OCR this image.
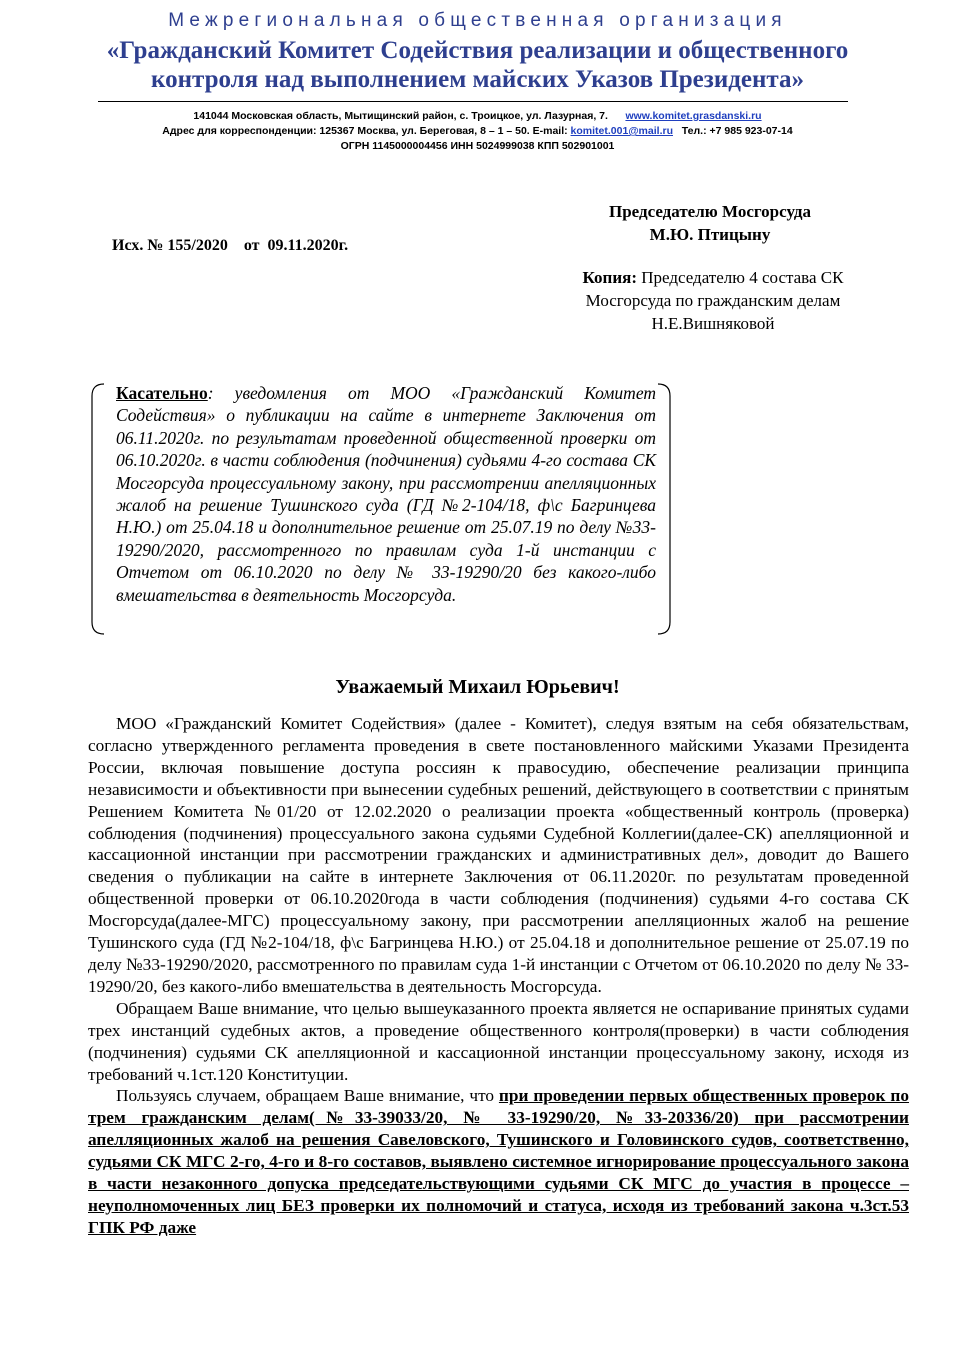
Межрегиональная общественная организация
«Гражданский Комитет Содействия реализации и общественного
контроля над выполнением майских Указов Президента»
141044 Московская область, Мытищинский район, с. Троицкое, ул. Лазурная, 7. www.komitet.grasdanski.ru
Адрес для корреспонденции: 125367 Москва, ул. Береговая, 8 – 1 – 50. E-mail: komitet.001@mail.ru Тел.: +7 985 923-07-14
ОГРН 1145000004456 ИНН 5024999038 КПП 502901001
Председателю Мосгорсуда
М.Ю. Птицыну
Исх. № 155/2020    от  09.11.2020г.
Копия: Председателю 4 состава СК
Мосгорсуда по гражданским делам
Н.Е.Вишняковой
Касательно: уведомления от МОО «Гражданский Комитет Содействия» о публикации на сайте в интернете Заключения от 06.11.2020г. по результатам проведенной общественной проверки от 06.10.2020г. в части соблюдения (подчинения) судьями 4-го состава СК Мосгорсуда процессуальному закону, при рассмотрении апелляционных жалоб на решение Тушинского суда (ГД №2-104/18, ф\с Багринцева Н.Ю.) от 25.04.18 и дополнительное решение от 25.07.19 по делу №33-19290/2020, рассмотренного по правилам суда 1-й инстанции с Отчетом от 06.10.2020 по делу № 33-19290/20 без какого-либо вмешательства в деятельность Мосгорсуда.
Уважаемый Михаил Юрьевич!

МОО «Гражданский Комитет Содействия» (далее - Комитет), следуя взятым на себя обязательствам, согласно утвержденного регламента проведения в свете постановленного майскими Указами Президента России, включая повышение доступа россиян к правосудию, обеспечение реализации принципа независимости и объективности при вынесении судебных решений, действующего в соответствии с принятым Решением Комитета №01/20 от 12.02.2020 о реализации проекта «общественный контроль (проверка) соблюдения (подчинения) процессуального закона судьями Судебной Коллегии(далее-СК) апелляционной и кассационной инстанции при рассмотрении гражданских и административных дел», доводит до Вашего сведения о публикации на сайте в интернете Заключения от 06.11.2020г. по результатам проведенной общественной проверки от 06.10.2020года в части соблюдения (подчинения) судьями 4-го состава СК Мосгорсуда(далее-МГС) процессуальному закону, при рассмотрении апелляционных жалоб на решение Тушинского суда (ГД №2-104/18, ф\с Багринцева Н.Ю.) от 25.04.18 и дополнительное решение от 25.07.19 по делу №33-19290/2020, рассмотренного по правилам суда 1-й инстанции с Отчетом от 06.10.2020 по делу № 33-19290/20, без какого-либо вмешательства в деятельность Мосгорсуда.

Обращаем Ваше внимание, что целью вышеуказанного проекта является не оспаривание принятых судами трех инстанций судебных актов, а проведение общественного контроля(проверки) в части соблюдения (подчинения) судьями СК апелляционной и кассационной инстанции процессуальному закону, исходя из требований ч.1ст.120 Конституции.

Пользуясь случаем, обращаем Ваше внимание, что при проведении первых общественных проверок по трем гражданским делам(№33-39033/20, № 33-19290/20, №33-20336/20) при рассмотрении апелляционных жалоб на решения Савеловского, Тушинского и Головинского судов, соответственно, судьями СК МГС 2-го, 4-го и 8-го составов, выявлено системное игнорирование процессуального закона в части незаконного допуска председательствующими судьями СК МГС до участия в процессе – неуполномоченных лиц БЕЗ проверки их полномочий и статуса, исходя из требований закона ч.3ст.53 ГПК РФ даже
